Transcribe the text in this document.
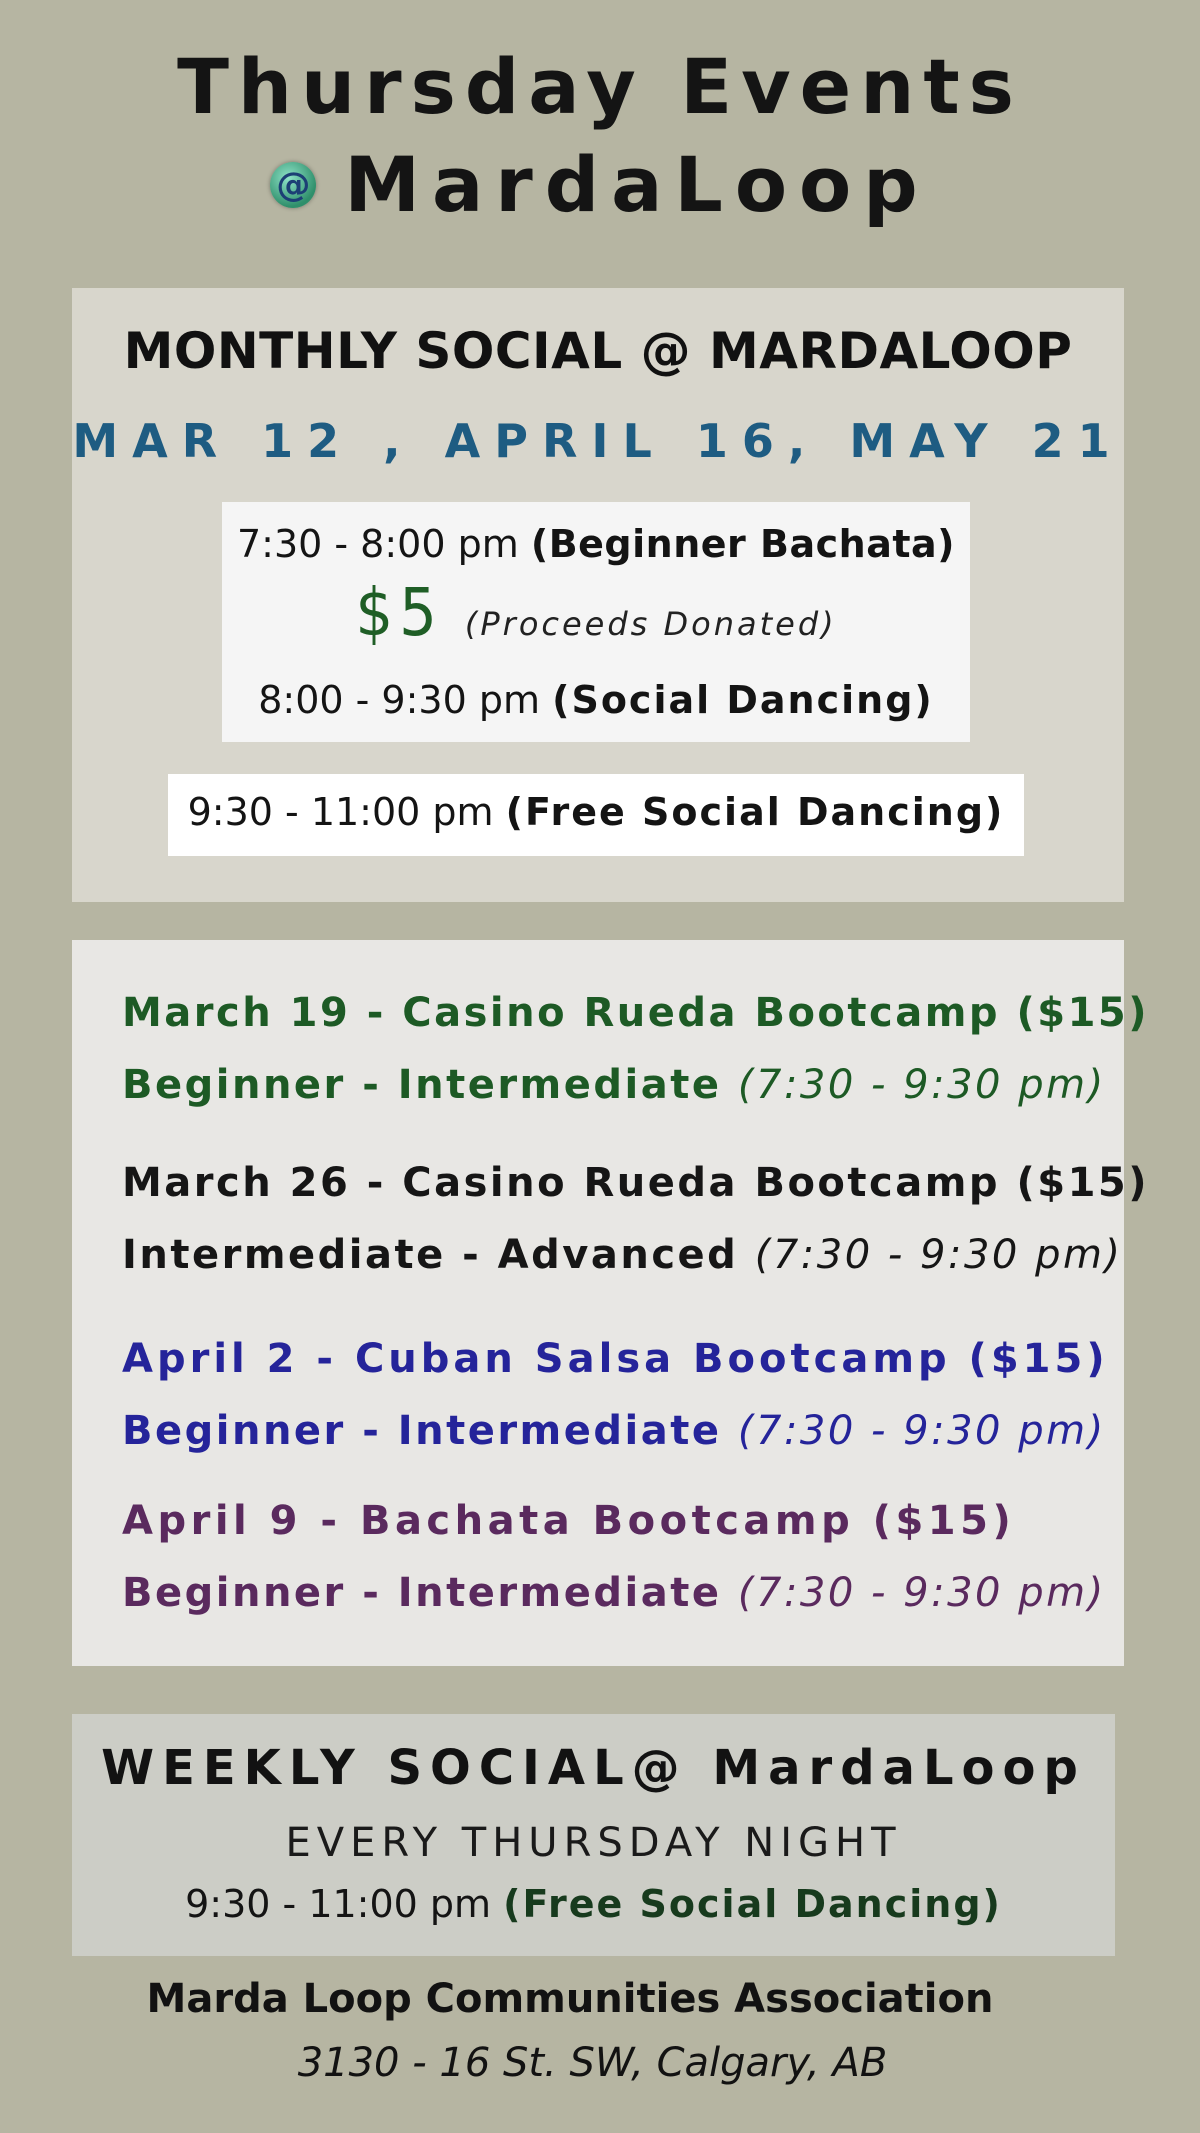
Thursday Events
@ MardaLoop
MONTHLY SOCIAL @ MARDALOOP
MAR 12 , APRIL 16, MAY 21
7:30 - 8:00 pm (Beginner Bachata)
$5 (Proceeds Donated)
8:00 - 9:30 pm (Social Dancing)
9:30 - 11:00 pm (Free Social Dancing)
March 19 - Casino Rueda Bootcamp ($15)
Beginner - Intermediate (7:30 - 9:30 pm)
March 26 - Casino Rueda Bootcamp ($15)
Intermediate - Advanced (7:30 - 9:30 pm)
April 2 - Cuban Salsa Bootcamp ($15)
Beginner - Intermediate (7:30 - 9:30 pm)
April 9 - Bachata Bootcamp ($15)
Beginner - Intermediate (7:30 - 9:30 pm)
WEEKLY SOCIAL@ MardaLoop
EVERY THURSDAY NIGHT
9:30 - 11:00 pm (Free Social Dancing)
Marda Loop Communities Association
3130 - 16 St. SW, Calgary, AB
